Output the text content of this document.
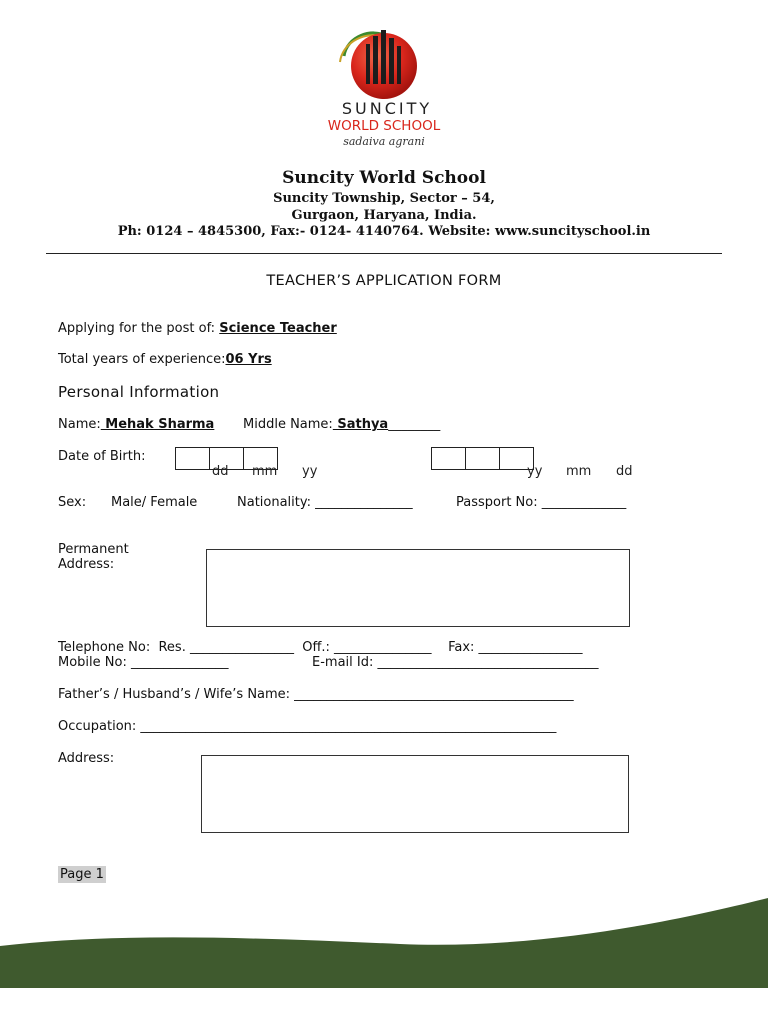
SUNCITY
WORLD SCHOOL
sadaiva agrani
Suncity World School
Suncity Township, Sector – 54,
Gurgaon, Haryana, India.
Ph: 0124 – 4845300, Fax:- 0124- 4140764. Website: www.suncityschool.in
TEACHER’S APPLICATION FORM
Applying for the post of: Science Teacher
Total years of experience:06 Yrs
Personal Information
Name: Mehak Sharma Middle Name: Sathya________
Date of Birth:
dd mm yy	yy mm dd
Sex: Male/ Female	Nationality: _______________	Passport No: _____________
Permanent
Address:
Telephone No:  Res. ________________  Off.: _______________    Fax: ________________
Mobile No: _______________	E-mail Id: __________________________________
Father’s / Husband’s / Wife’s Name: ___________________________________________
Occupation: ________________________________________________________________
Address:
Page 1
